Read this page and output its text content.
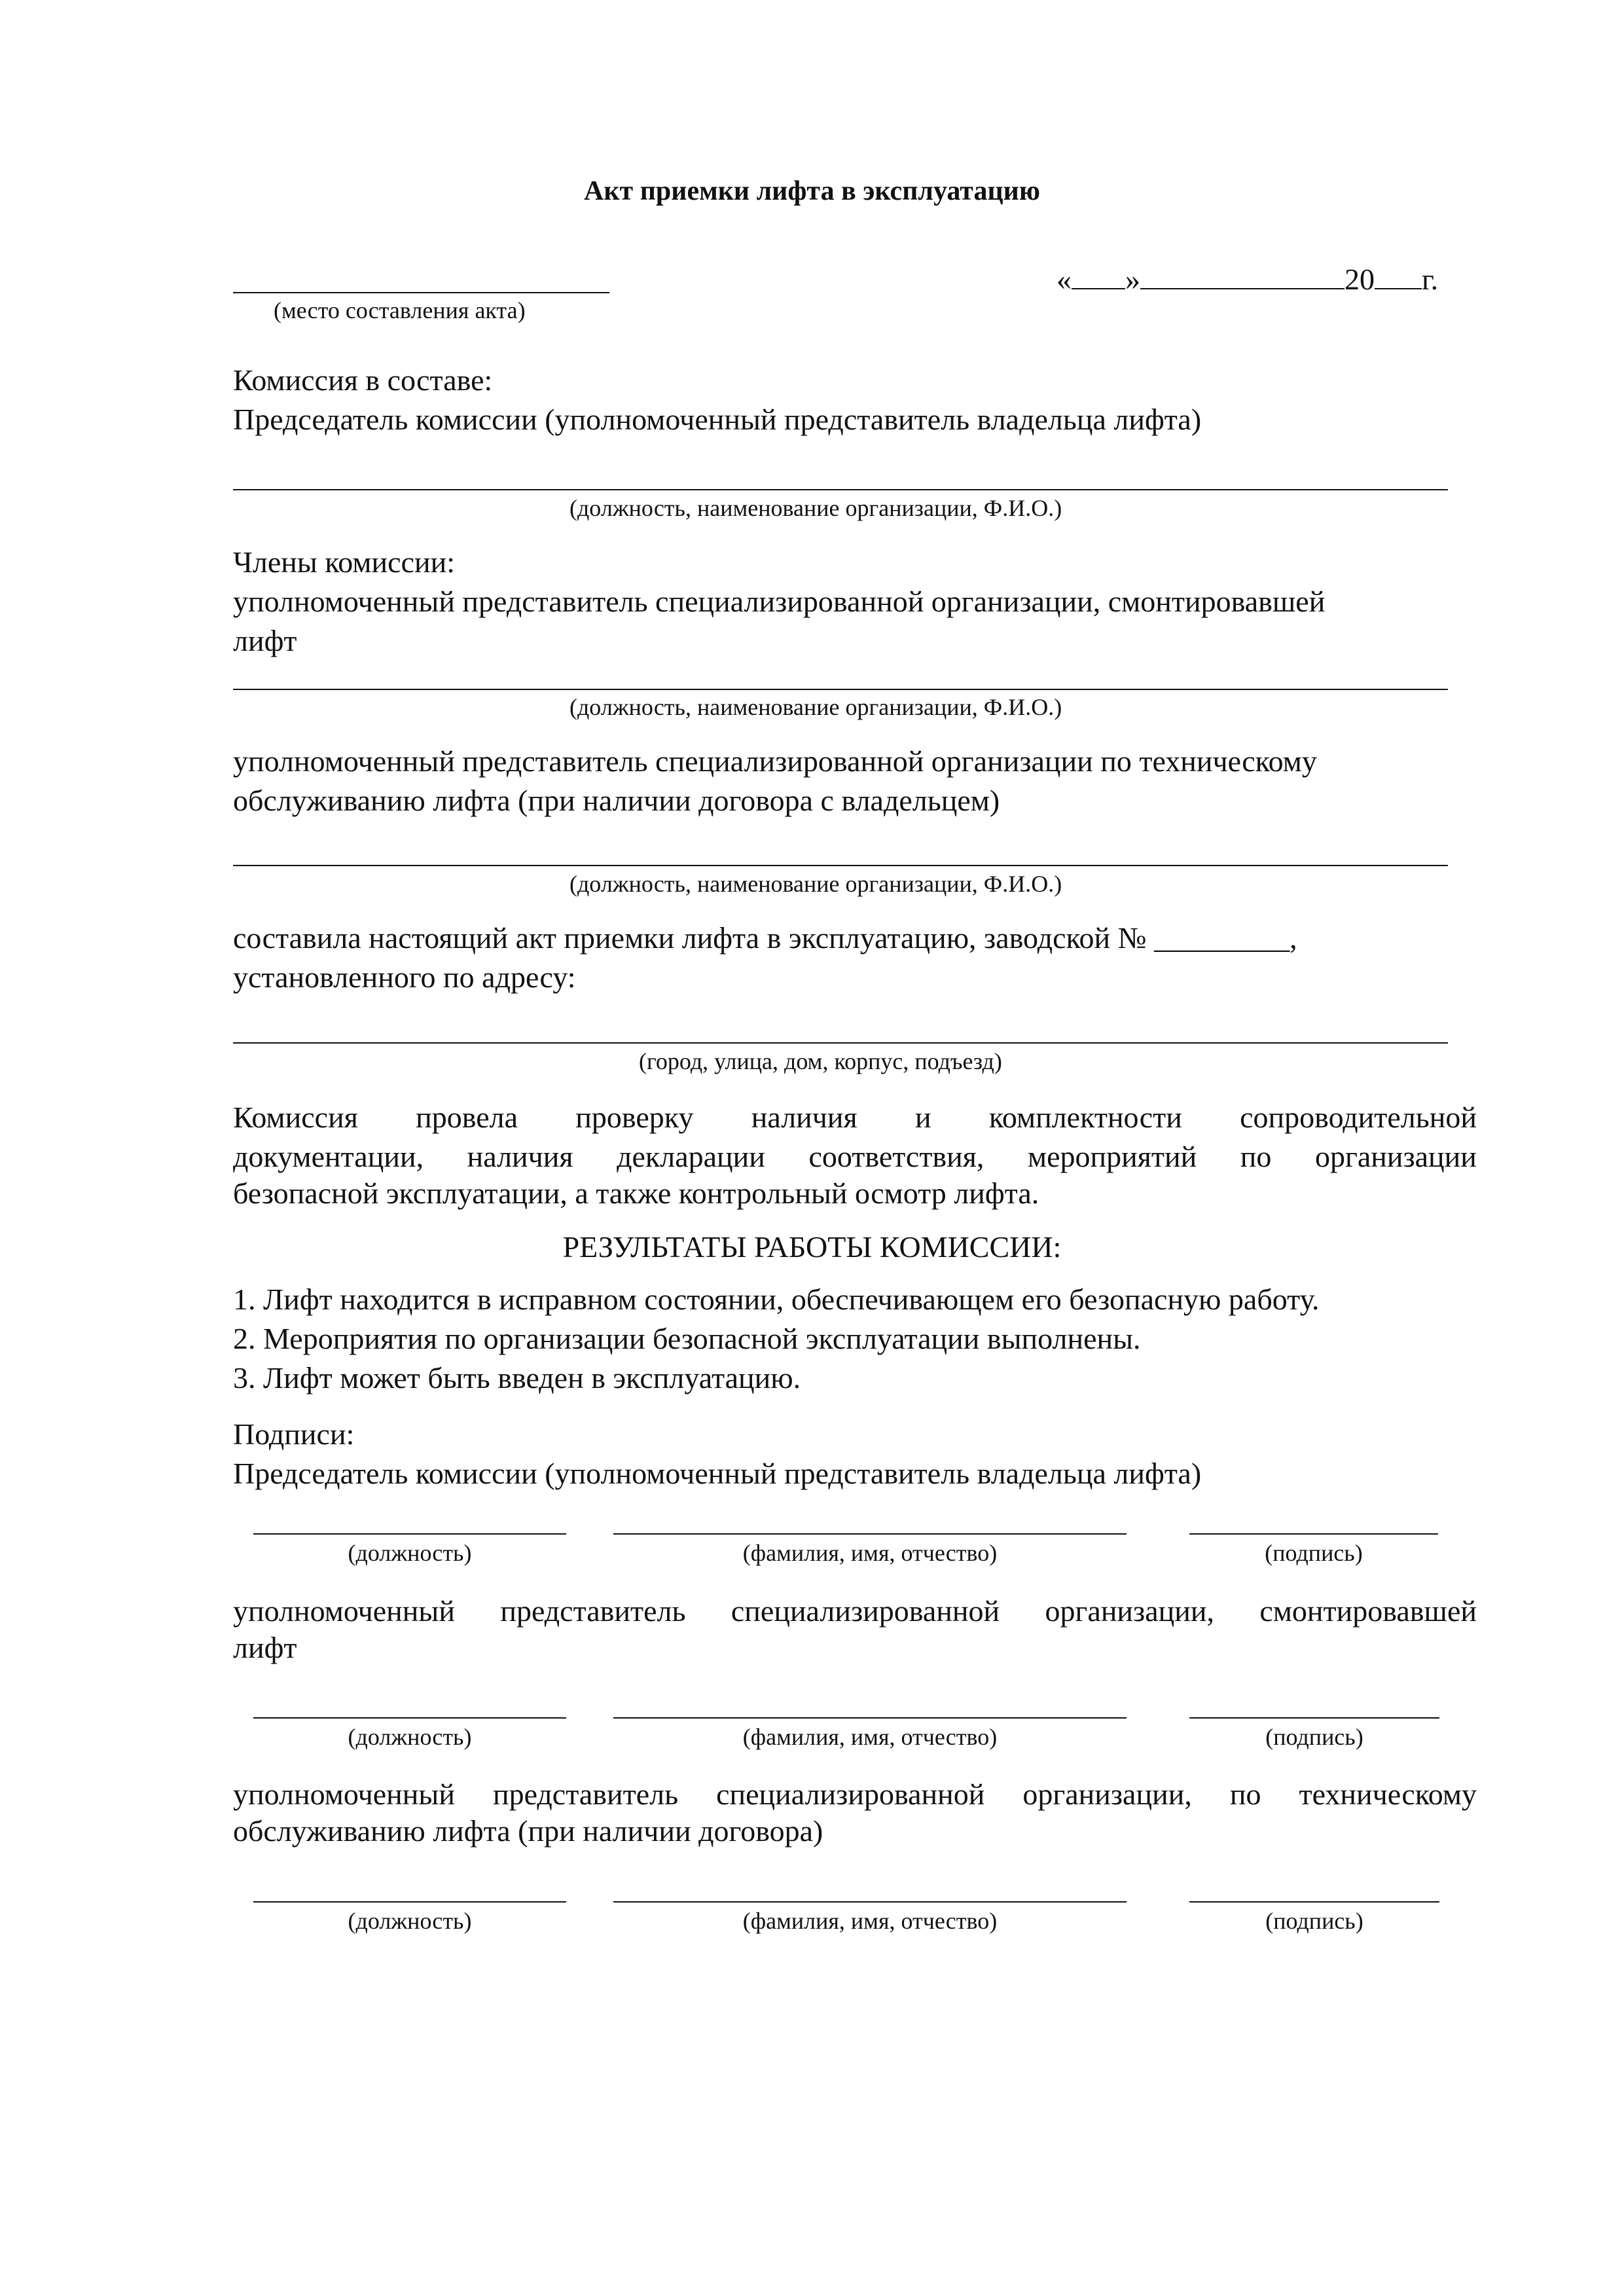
Акт приемки лифта в эксплуатацию
(место составления акта)
« »	20 г.
Комиссия в составе:
Председатель комиссии (уполномоченный представитель владельца лифта)
(должность, наименование организации, Ф.И.О.)
Члены комиссии:
уполномоченный представитель специализированной организации, смонтировавшей
лифт
(должность, наименование организации, Ф.И.О.)
уполномоченный представитель специализированной организации по техническому
обслуживанию лифта (при наличии договора с владельцем)
(должность, наименование организации, Ф.И.О.)
составила настоящий акт приемки лифта в эксплуатацию, заводской № _________,
установленного по адресу:
(город, улица, дом, корпус, подъезд)
Комиссия провела проверку наличия и комплектности сопроводительной
документации, наличия декларации соответствия, мероприятий по организации
безопасной эксплуатации, а также контрольный осмотр лифта.
РЕЗУЛЬТАТЫ РАБОТЫ КОМИССИИ:
1. Лифт находится в исправном состоянии, обеспечивающем его безопасную работу.
2. Мероприятия по организации безопасной эксплуатации выполнены.
3. Лифт может быть введен в эксплуатацию.
Подписи:
Председатель комиссии (уполномоченный представитель владельца лифта)
(должность)	(фамилия, имя, отчество)	(подпись)
уполномоченный представитель специализированной организации, смонтировавшей
лифт
(должность)	(фамилия, имя, отчество)	(подпись)
уполномоченный представитель специализированной организации, по техническому
обслуживанию лифта (при наличии договора)
(должность)	(фамилия, имя, отчество)	(подпись)
